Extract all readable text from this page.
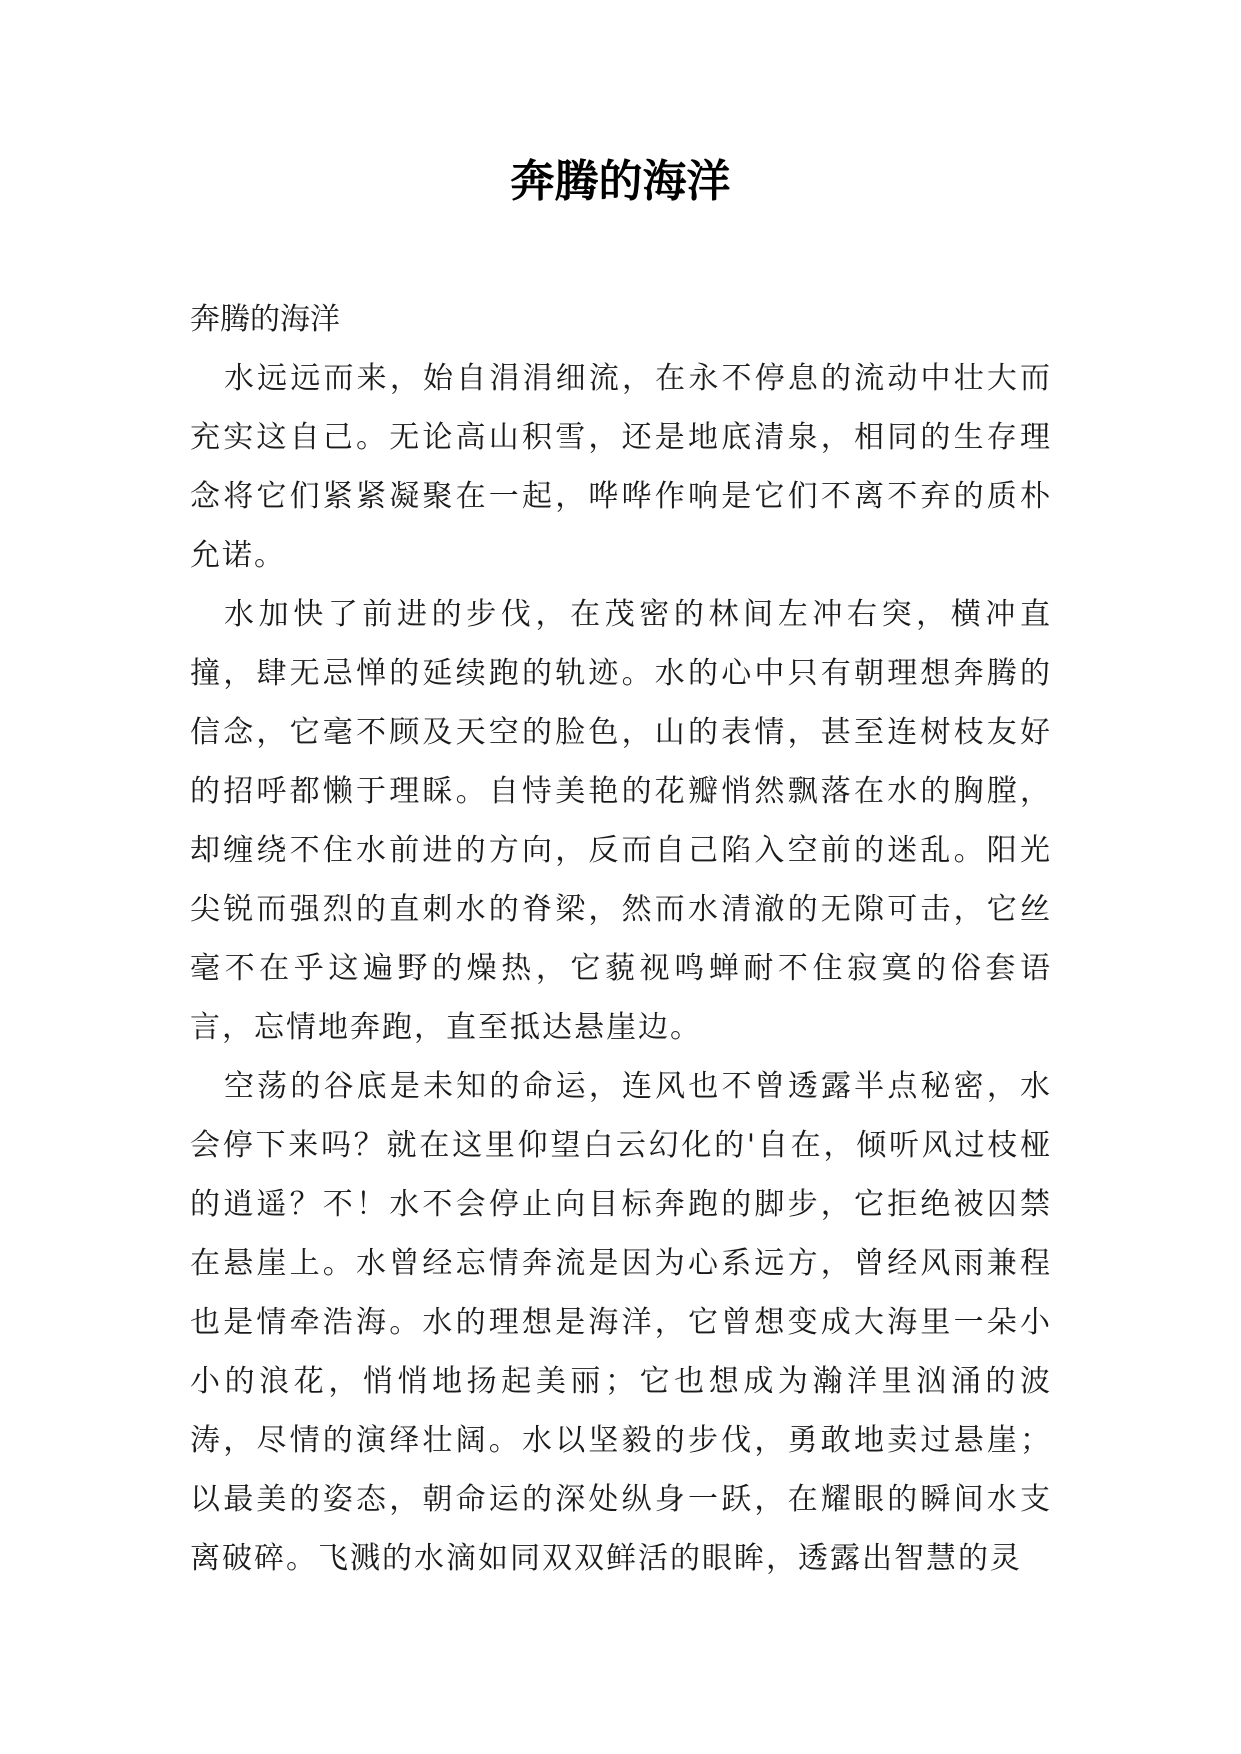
奔腾的海洋

奔腾的海洋

水远远而来，始自涓涓细流，在永不停息的流动中壮大而充实这自己。无论高山积雪，还是地底清泉，相同的生存理念将它们紧紧凝聚在一起，哗哗作响是它们不离不弃的质朴允诺。

水加快了前进的步伐，在茂密的林间左冲右突，横冲直撞，肆无忌惮的延续跑的轨迹。水的心中只有朝理想奔腾的信念，它毫不顾及天空的脸色，山的表情，甚至连树枝友好的招呼都懒于理睬。自恃美艳的花瓣悄然飘落在水的胸膛，却缠绕不住水前进的方向，反而自己陷入空前的迷乱。阳光尖锐而强烈的直刺水的脊梁，然而水清澈的无隙可击，它丝毫不在乎这遍野的燥热，它藐视鸣蝉耐不住寂寞的俗套语言，忘情地奔跑，直至抵达悬崖边。

空荡的谷底是未知的命运，连风也不曾透露半点秘密，水会停下来吗？就在这里仰望白云幻化的'自在，倾听风过枝桠的逍遥？不！水不会停止向目标奔跑的脚步，它拒绝被囚禁在悬崖上。水曾经忘情奔流是因为心系远方，曾经风雨兼程也是情牵浩海。水的理想是海洋，它曾想变成大海里一朵小小的浪花，悄悄地扬起美丽；它也想成为瀚洋里汹涌的波涛，尽情的演绎壮阔。水以坚毅的步伐，勇敢地卖过悬崖；以最美的姿态，朝命运的深处纵身一跃，在耀眼的瞬间水支离破碎。飞溅的水滴如同双双鲜活的眼眸，透露出智慧的灵
